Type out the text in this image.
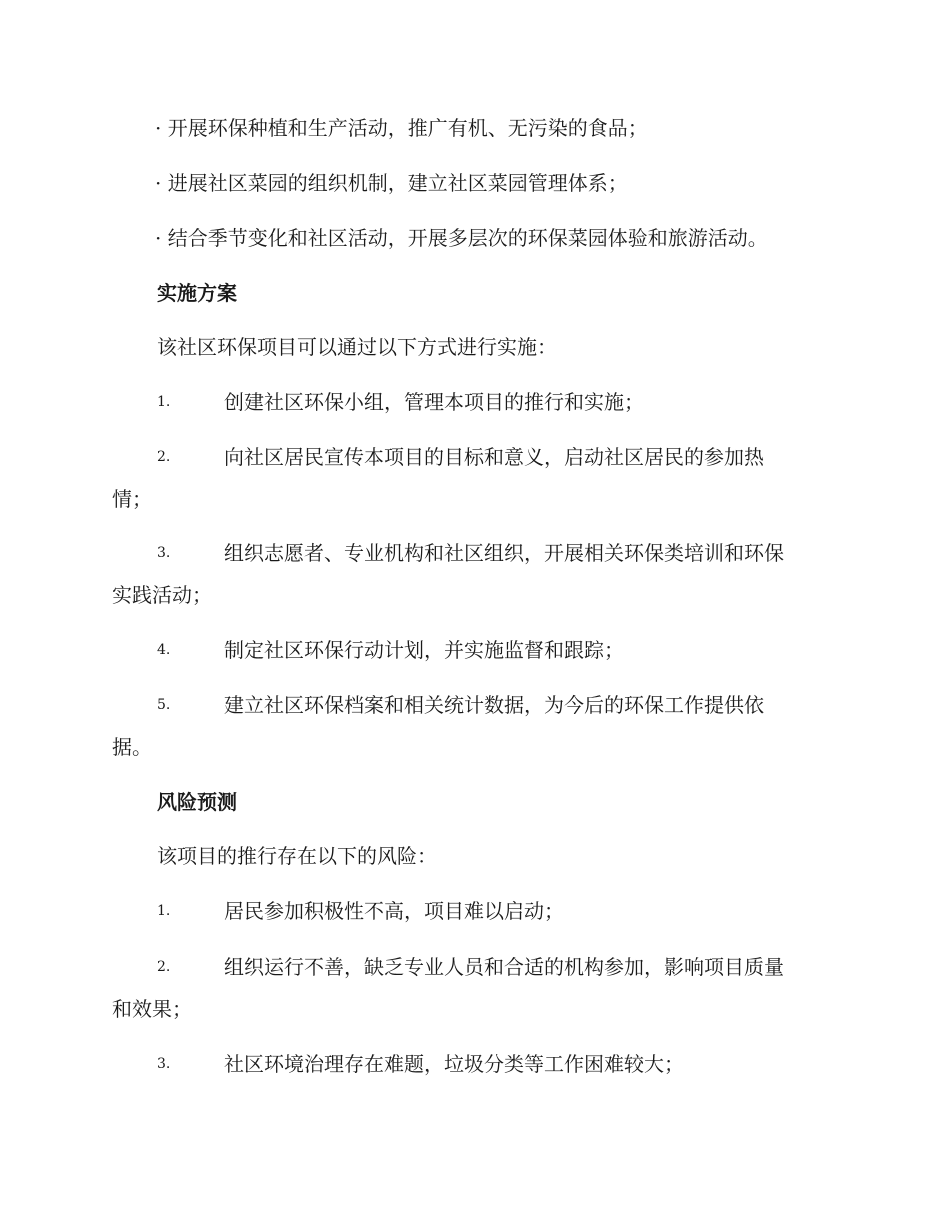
· 开展环保种植和生产活动，推广有机、无污染的食品；
· 进展社区菜园的组织机制，建立社区菜园管理体系；
· 结合季节变化和社区活动，开展多层次的环保菜园体验和旅游活动。
实施方案
该社区环保项目可以通过以下方式进行实施：
1.	创建社区环保小组，管理本项目的推行和实施；
2.	向社区居民宣传本项目的目标和意义，启动社区居民的参加热
情；
3.	组织志愿者、专业机构和社区组织，开展相关环保类培训和环保
实践活动；
4.	制定社区环保行动计划，并实施监督和跟踪；
5.	建立社区环保档案和相关统计数据，为今后的环保工作提供依
据。
风险预测
该项目的推行存在以下的风险：
1.	居民参加积极性不高，项目难以启动；
2.	组织运行不善，缺乏专业人员和合适的机构参加，影响项目质量
和效果；
3.	社区环境治理存在难题，垃圾分类等工作困难较大；
